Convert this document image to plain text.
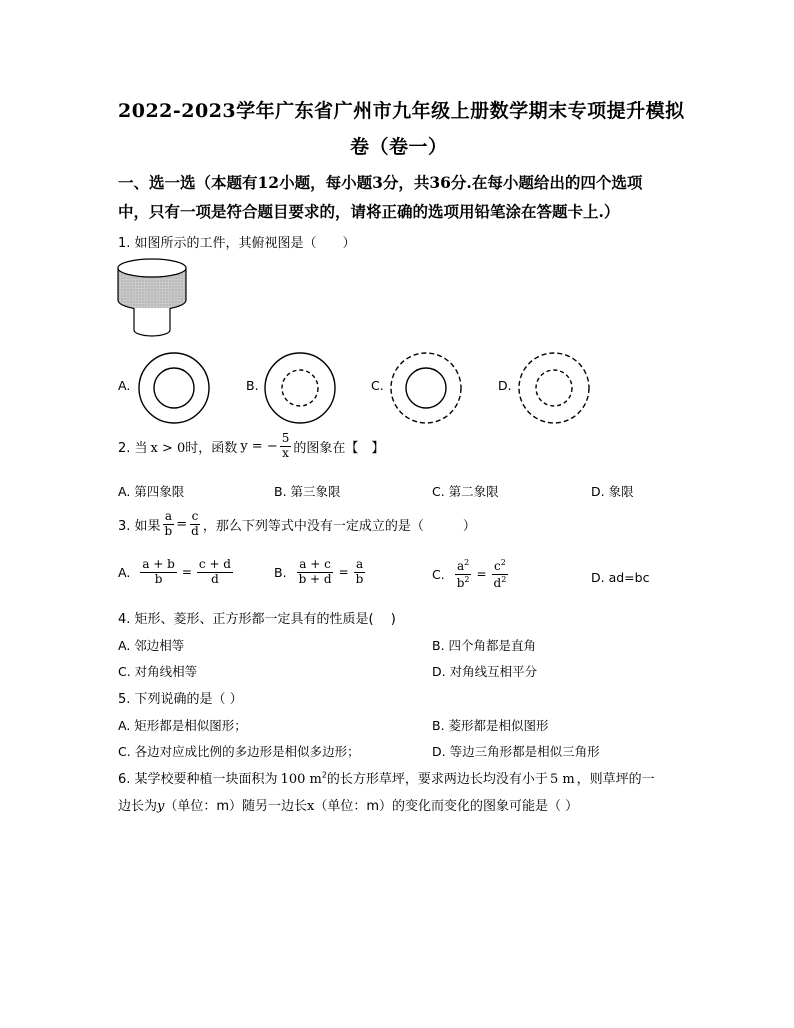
2022-2023学年广东省广州市九年级上册数学期末专项提升模拟
卷（卷一）
一、选一选（本题有12小题，每小题3分，共36分.在每小题给出的四个选项
中，只有一项是符合题目要求的，请将正确的选项用铅笔涂在答题卡上.）
1. 如图所示的工件，其俯视图是（　　）
A.	B.	C.	D.
2. 当 x > 0时，函数 y = − $\frac{5}{x}$ 的图象在【　】
A. 第四象限	B. 第三象限	C. 第二象限	D. 象限
3. 如果 $\frac{a}{b} = \frac{c}{d}$ ，那么下列等式中没有一定成立的是（　　　）
A. $\frac{a + b}{b} = \frac{c + d}{d}$	B. $\frac{a + c}{b + d} = \frac{a}{b}$	C. $\frac{a^2}{b^2} = \frac{c^2}{d^2}$	D. ad=bc
4. 矩形、菱形、正方形都一定具有的性质是(　 )
A. 邻边相等	B. 四个角都是直角
C. 对角线相等	D. 对角线互相平分
5. 下列说确的是（ ）
A. 矩形都是相似图形；	B. 菱形都是相似图形
C. 各边对应成比例的多边形是相似多边形；	D. 等边三角形都是相似三角形
6. 某学校要种植一块面积为 100 $m^2$的长方形草坪，要求两边长均没有小于 5 m ，则草坪的一
边长为y（单位：m）随另一边长x（单位：m）的变化而变化的图象可能是（ ）
